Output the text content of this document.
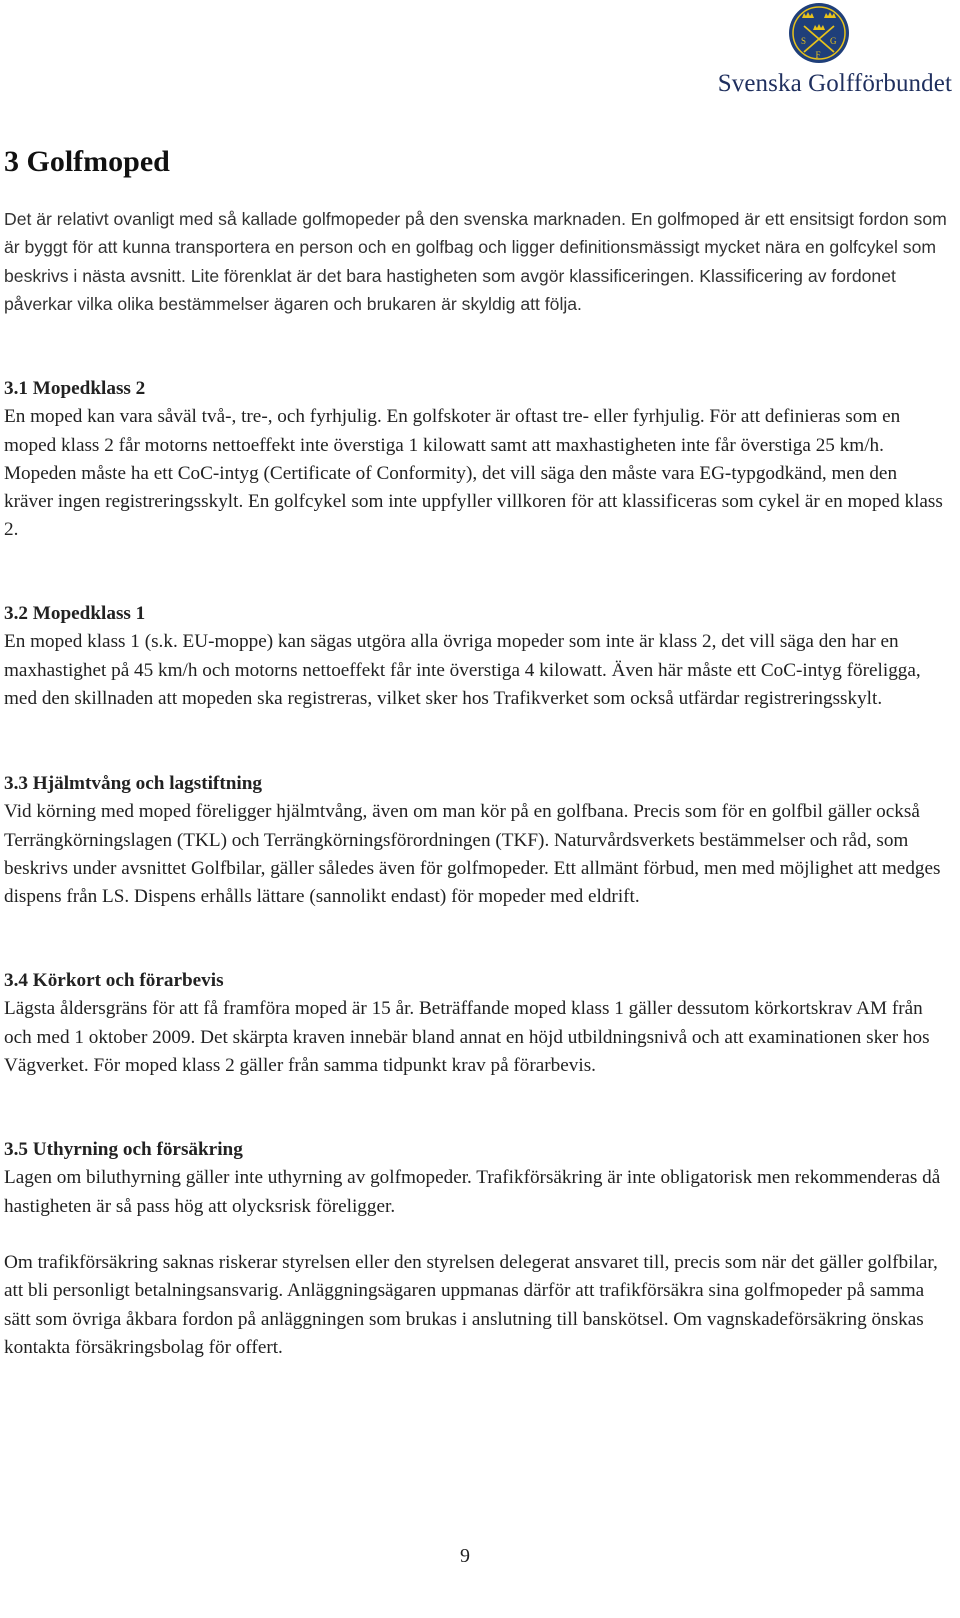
S	G
F
Svenska Golfförbundet
3 Golfmoped

Det är relativt ovanligt med så kallade golfmopeder på den svenska marknaden. En golfmoped är ett ensitsigt fordon som är byggt för att kunna transportera en person och en golfbag och ligger definitionsmässigt mycket nära en golfcykel som beskrivs i nästa avsnitt. Lite förenklat är det bara hastigheten som avgör klassificeringen. Klassificering av fordonet påverkar vilka olika bestämmelser ägaren och brukaren är skyldig att följa.

3.1 Mopedklass 2
En moped kan vara såväl två-, tre-, och fyrhjulig. En golfskoter är oftast tre- eller fyrhjulig. För att definieras som en moped klass 2 får motorns nettoeffekt inte överstiga 1 kilowatt samt att maxhastigheten inte får överstiga 25 km/h. Mopeden måste ha ett CoC-intyg (Certificate of Conformity), det vill säga den måste vara EG-typgodkänd, men den kräver ingen registreringsskylt. En golfcykel som inte uppfyller villkoren för att klassificeras som cykel är en moped klass 2.
3.2 Mopedklass 1
En moped klass 1 (s.k. EU-moppe) kan sägas utgöra alla övriga mopeder som inte är klass 2, det vill säga den har en maxhastighet på 45 km/h och motorns nettoeffekt får inte överstiga 4 kilowatt. Även här måste ett CoC-intyg föreligga, med den skillnaden att mopeden ska registreras, vilket sker hos Trafikverket som också utfärdar registreringsskylt.
3.3 Hjälmtvång och lagstiftning
Vid körning med moped föreligger hjälmtvång, även om man kör på en golfbana. Precis som för en golfbil gäller också Terrängkörningslagen (TKL) och Terrängkörningsförordningen (TKF). Naturvårdsverkets bestämmelser och råd, som beskrivs under avsnittet Golfbilar, gäller således även för golfmopeder. Ett allmänt förbud, men med möjlighet att medges dispens från LS. Dispens erhålls lättare (sannolikt endast) för mopeder med eldrift.
3.4 Körkort och förarbevis
Lägsta åldersgräns för att få framföra moped är 15 år. Beträffande moped klass 1 gäller dessutom körkortskrav AM från och med 1 oktober 2009. Det skärpta kraven innebär bland annat en höjd utbildningsnivå och att examinationen sker hos Vägverket. För moped klass 2 gäller från samma tidpunkt krav på förarbevis.
3.5 Uthyrning och försäkring
Lagen om biluthyrning gäller inte uthyrning av golfmopeder. Trafikförsäkring är inte obligatorisk men rekommenderas då hastigheten är så pass hög att olycksrisk föreligger.

Om trafikförsäkring saknas riskerar styrelsen eller den styrelsen delegerat ansvaret till, precis som när det gäller golfbilar, att bli personligt betalningsansvarig. Anläggningsägaren uppmanas därför att trafikförsäkra sina golfmopeder på samma sätt som övriga åkbara fordon på anläggningen som brukas i anslutning till banskötsel. Om vagnskadeförsäkring önskas kontakta försäkringsbolag för offert.

9
